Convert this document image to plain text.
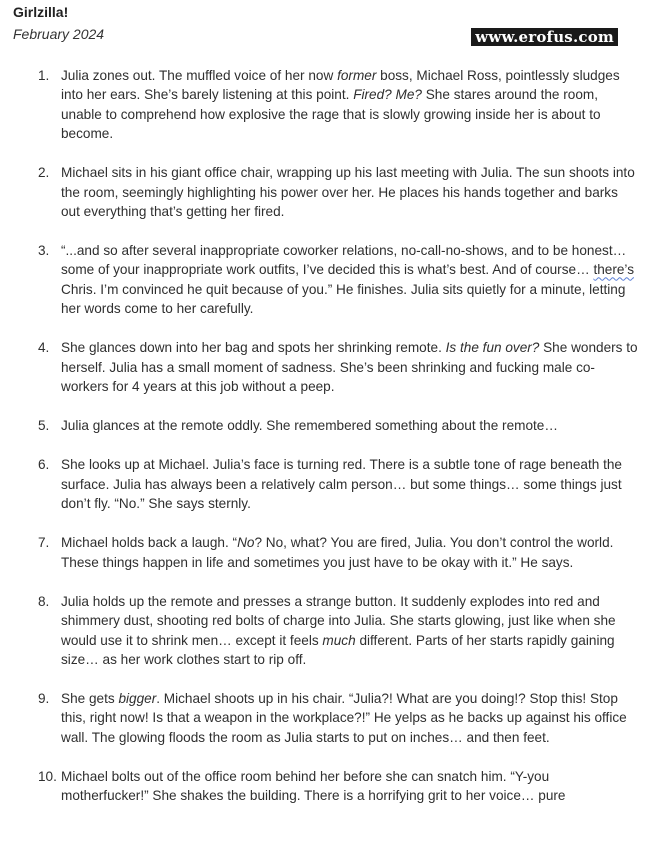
Girlzilla!
February 2024	www.erofus.com
1. Julia zones out. The muffled voice of her now former boss, Michael Ross, pointlessly sludges into her ears. She’s barely listening at this point. Fired? Me? She stares around the room, unable to comprehend how explosive the rage that is slowly growing inside her is about to become.
2. Michael sits in his giant office chair, wrapping up his last meeting with Julia. The sun shoots into the room, seemingly highlighting his power over her. He places his hands together and barks out everything that’s getting her fired.
3. “...and so after several inappropriate coworker relations, no-call-no-shows, and to be honest… some of your inappropriate work outfits, I’ve decided this is what’s best. And of course… there’s Chris. I’m convinced he quit because of you.” He finishes. Julia sits quietly for a minute, letting her words come to her carefully.
4. She glances down into her bag and spots her shrinking remote. Is the fun over? She wonders to herself. Julia has a small moment of sadness. She’s been shrinking and fucking male co-workers for 4 years at this job without a peep.
5. Julia glances at the remote oddly. She remembered something about the remote…
6. She looks up at Michael. Julia’s face is turning red. There is a subtle tone of rage beneath the surface. Julia has always been a relatively calm person… but some things… some things just don’t fly. “No.” She says sternly.
7. Michael holds back a laugh. “No? No, what? You are fired, Julia. You don’t control the world. These things happen in life and sometimes you just have to be okay with it.” He says.
8. Julia holds up the remote and presses a strange button. It suddenly explodes into red and shimmery dust, shooting red bolts of charge into Julia. She starts glowing, just like when she would use it to shrink men… except it feels much different. Parts of her starts rapidly gaining size… as her work clothes start to rip off.
9. She gets bigger. Michael shoots up in his chair. “Julia?! What are you doing!? Stop this! Stop this, right now! Is that a weapon in the workplace?!” He yelps as he backs up against his office wall. The glowing floods the room as Julia starts to put on inches… and then feet.
10. Michael bolts out of the office room behind her before she can snatch him. “Y-you motherfucker!” She shakes the building. There is a horrifying grit to her voice… pure
